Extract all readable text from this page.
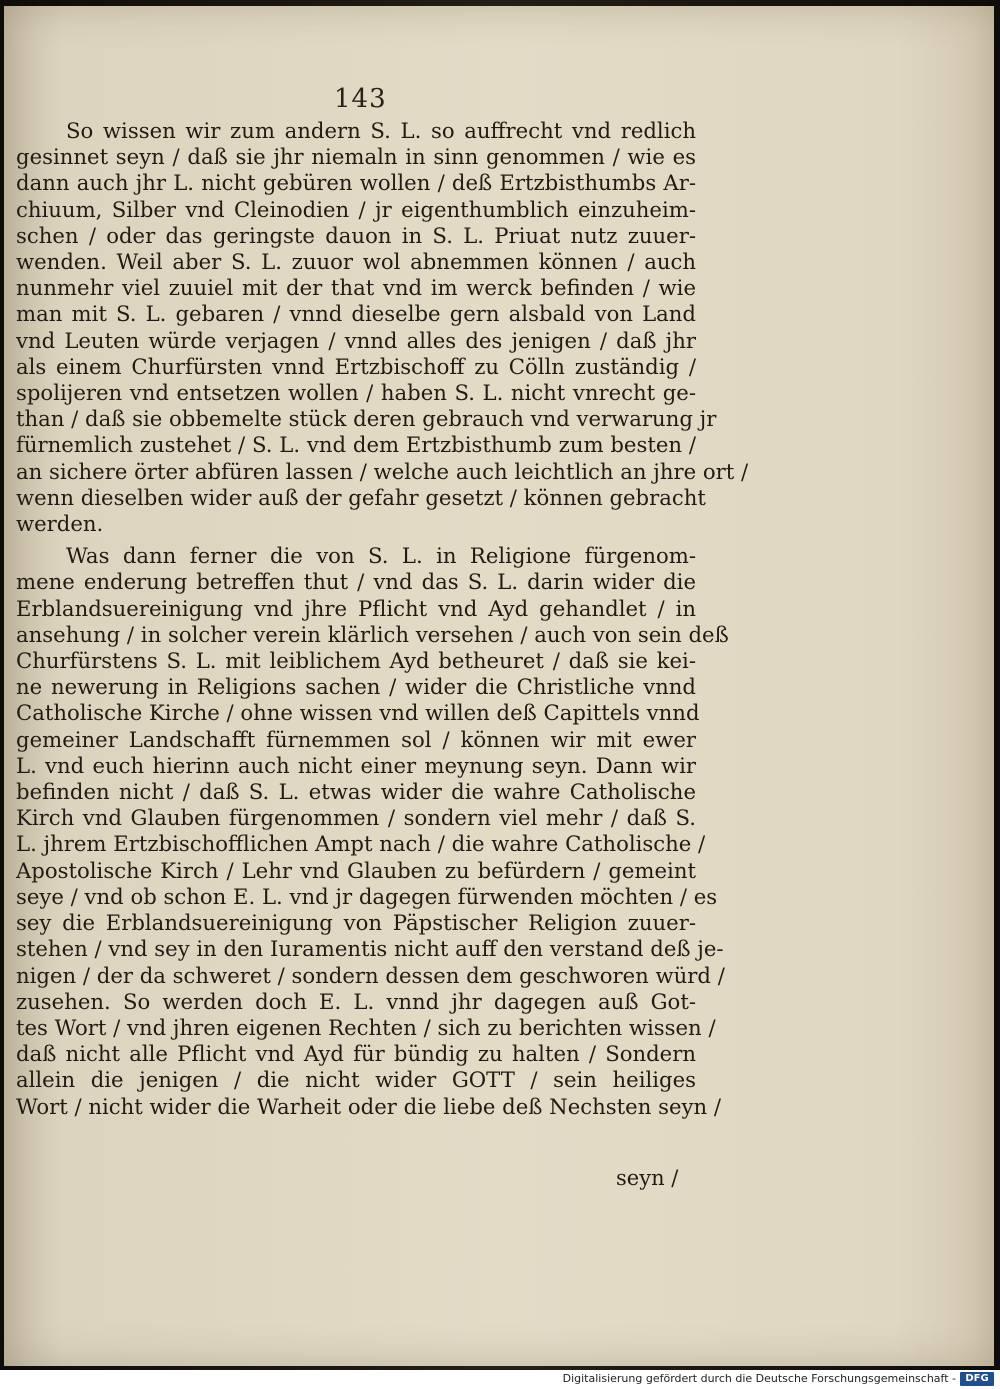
143
So wissen wir zum andern S. L. so auffrecht vnd redlich
gesinnet seyn / daß sie jhr niemaln in sinn genommen / wie es
dann auch jhr L. nicht gebüren wollen / deß Ertzbisthumbs Ar-
chiuum, Silber vnd Cleinodien / jr eigenthumblich einzuheim-
schen / oder das geringste dauon in S. L. Priuat nutz zuuer-
wenden. Weil aber S. L. zuuor wol abnemmen können / auch
nunmehr viel zuuiel mit der that vnd im werck befinden / wie
man mit S. L. gebaren / vnnd dieselbe gern alsbald von Land
vnd Leuten würde verjagen / vnnd alles des jenigen / daß jhr
als einem Churfürsten vnnd Ertzbischoff zu Cölln zuständig /
spolijeren vnd entsetzen wollen / haben S. L. nicht vnrecht ge-
than / daß sie obbemelte stück deren gebrauch vnd verwarung jr
fürnemlich zustehet / S. L. vnd dem Ertzbisthumb zum besten /
an sichere örter abfüren lassen / welche auch leichtlich an jhre ort /
wenn dieselben wider auß der gefahr gesetzt / können gebracht
werden.
Was dann ferner die von S. L. in Religione fürgenom-
mene enderung betreffen thut / vnd das S. L. darin wider die
Erblandsuereinigung vnd jhre Pflicht vnd Ayd gehandlet / in
ansehung / in solcher verein klärlich versehen / auch von sein deß
Churfürstens S. L. mit leiblichem Ayd betheuret / daß sie kei-
ne newerung in Religions sachen / wider die Christliche vnnd
Catholische Kirche / ohne wissen vnd willen deß Capittels vnnd
gemeiner Landschafft fürnemmen sol / können wir mit ewer
L. vnd euch hierinn auch nicht einer meynung seyn. Dann wir
befinden nicht / daß S. L. etwas wider die wahre Catholische
Kirch vnd Glauben fürgenommen / sondern viel mehr / daß S.
L. jhrem Ertzbischofflichen Ampt nach / die wahre Catholische /
Apostolische Kirch / Lehr vnd Glauben zu befürdern / gemeint
seye / vnd ob schon E. L. vnd jr dagegen fürwenden möchten / es
sey die Erblandsuereinigung von Päpstischer Religion zuuer-
stehen / vnd sey in den Iuramentis nicht auff den verstand deß je-
nigen / der da schweret / sondern dessen dem geschworen würd /
zusehen. So werden doch E. L. vnnd jhr dagegen auß Got-
tes Wort / vnd jhren eigenen Rechten / sich zu berichten wissen /
daß nicht alle Pflicht vnd Ayd für bündig zu halten / Sondern
allein die jenigen / die nicht wider GOTT / sein heiliges
Wort / nicht wider die Warheit oder die liebe deß Nechsten seyn /
seyn /
Digitalisierung gefördert durch die Deutsche Forschungsgemeinschaft - DFG
